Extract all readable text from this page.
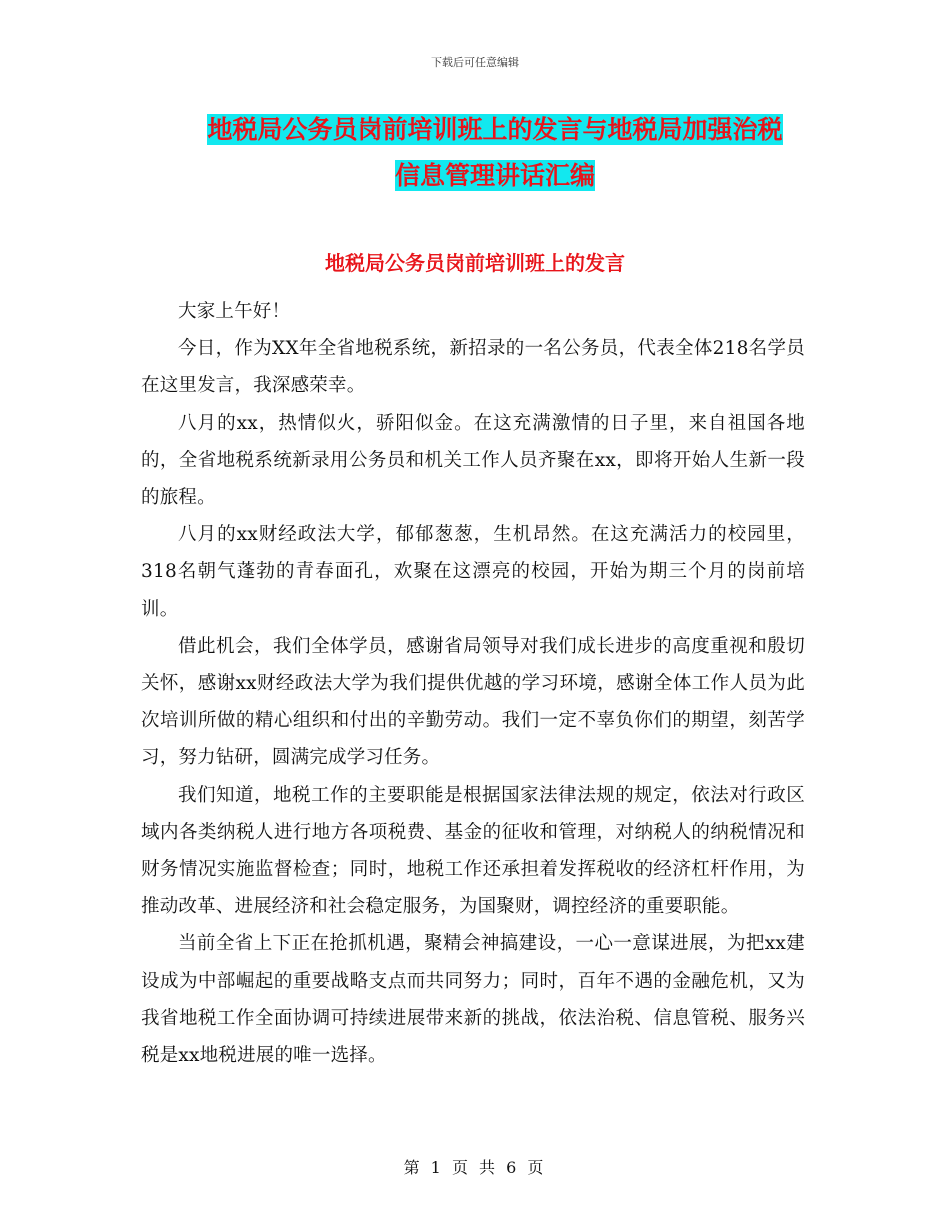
下载后可任意编辑
地税局公务员岗前培训班上的发言与地税局加强治税
信息管理讲话汇编
地税局公务员岗前培训班上的发言

大家上午好！

今日，作为XX年全省地税系统，新招录的一名公务员，代表全体218名学员在这里发言，我深感荣幸。

八月的xx，热情似火，骄阳似金。在这充满激情的日子里，来自祖国各地的，全省地税系统新录用公务员和机关工作人员齐聚在xx，即将开始人生新一段的旅程。

八月的xx财经政法大学，郁郁葱葱，生机昂然。在这充满活力的校园里，318名朝气蓬勃的青春面孔，欢聚在这漂亮的校园，开始为期三个月的岗前培训。

借此机会，我们全体学员，感谢省局领导对我们成长进步的高度重视和殷切关怀，感谢xx财经政法大学为我们提供优越的学习环境，感谢全体工作人员为此次培训所做的精心组织和付出的辛勤劳动。我们一定不辜负你们的期望，刻苦学习，努力钻研，圆满完成学习任务。

我们知道，地税工作的主要职能是根据国家法律法规的规定，依法对行政区域内各类纳税人进行地方各项税费、基金的征收和管理，对纳税人的纳税情况和财务情况实施监督检查；同时，地税工作还承担着发挥税收的经济杠杆作用，为推动改革、进展经济和社会稳定服务，为国聚财，调控经济的重要职能。

当前全省上下正在抢抓机遇，聚精会神搞建设，一心一意谋进展，为把xx建设成为中部崛起的重要战略支点而共同努力；同时，百年不遇的金融危机，又为我省地税工作全面协调可持续进展带来新的挑战，依法治税、信息管税、服务兴税是xx地税进展的唯一选择。

第 1 页 共 6 页
